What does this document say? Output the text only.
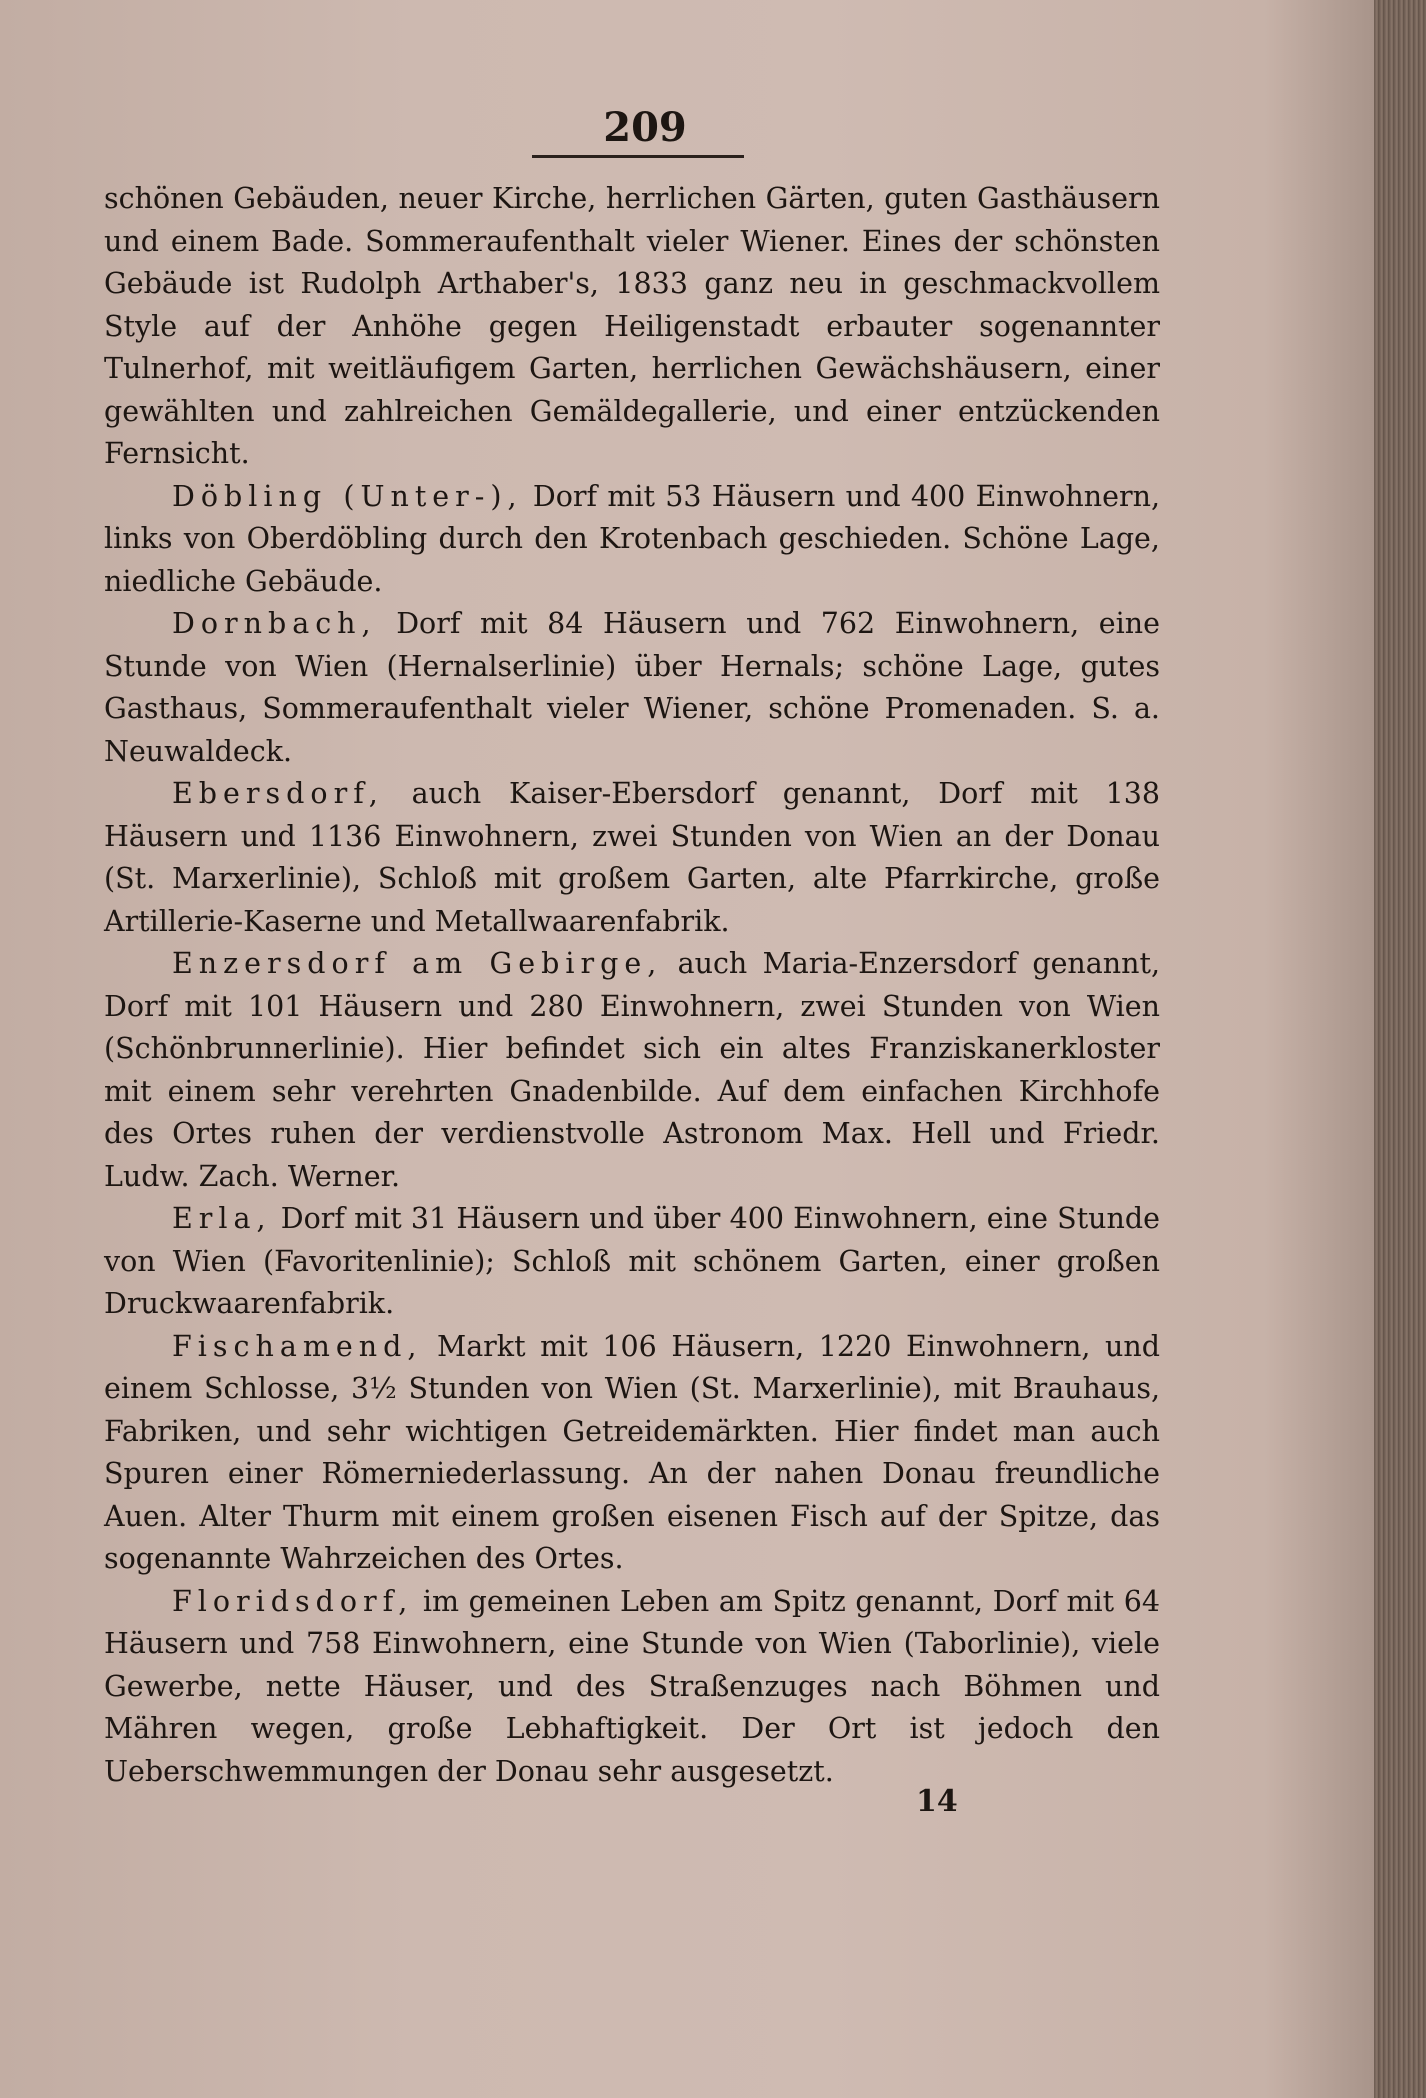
209

schönen Gebäuden, neuer Kirche, herrlichen Gärten, guten Gasthäusern und einem Bade. Sommeraufenthalt vieler Wiener. Eines der schönsten Gebäude ist Rudolph Arthaber's, 1833 ganz neu in geschmackvollem Style auf der Anhöhe gegen Heiligenstadt erbauter sogenannter Tulnerhof, mit weitläufigem Garten, herrlichen Gewächshäusern, einer gewählten und zahlreichen Gemäldegallerie, und einer entzückenden Fernsicht.

Döbling (Unter-), Dorf mit 53 Häusern und 400 Einwohnern, links von Oberdöbling durch den Krotenbach geschieden. Schöne Lage, niedliche Gebäude.

Dornbach, Dorf mit 84 Häusern und 762 Einwohnern, eine Stunde von Wien (Hernalserlinie) über Hernals; schöne Lage, gutes Gasthaus, Sommeraufenthalt vieler Wiener, schöne Promenaden. S. a. Neuwaldeck.

Ebersdorf, auch Kaiser-Ebersdorf genannt, Dorf mit 138 Häusern und 1136 Einwohnern, zwei Stunden von Wien an der Donau (St. Marxerlinie), Schloß mit großem Garten, alte Pfarrkirche, große Artillerie-Kaserne und Metallwaarenfabrik.

Enzersdorf am Gebirge, auch Maria-Enzersdorf genannt, Dorf mit 101 Häusern und 280 Einwohnern, zwei Stunden von Wien (Schönbrunnerlinie). Hier befindet sich ein altes Franziskanerkloster mit einem sehr verehrten Gnadenbilde. Auf dem einfachen Kirchhofe des Ortes ruhen der verdienstvolle Astronom Max. Hell und Friedr. Ludw. Zach. Werner.

Erla, Dorf mit 31 Häusern und über 400 Einwohnern, eine Stunde von Wien (Favoritenlinie); Schloß mit schönem Garten, einer großen Druckwaarenfabrik.

Fischamend, Markt mit 106 Häusern, 1220 Einwohnern, und einem Schlosse, 3½ Stunden von Wien (St. Marxerlinie), mit Brauhaus, Fabriken, und sehr wichtigen Getreidemärkten. Hier findet man auch Spuren einer Römerniederlassung. An der nahen Donau freundliche Auen. Alter Thurm mit einem großen eisenen Fisch auf der Spitze, das sogenannte Wahrzeichen des Ortes.

Floridsdorf, im gemeinen Leben am Spitz genannt, Dorf mit 64 Häusern und 758 Einwohnern, eine Stunde von Wien (Taborlinie), viele Gewerbe, nette Häuser, und des Straßenzuges nach Böhmen und Mähren wegen, große Lebhaftigkeit. Der Ort ist jedoch den Ueberschwemmungen der Donau sehr ausgesetzt.

14
